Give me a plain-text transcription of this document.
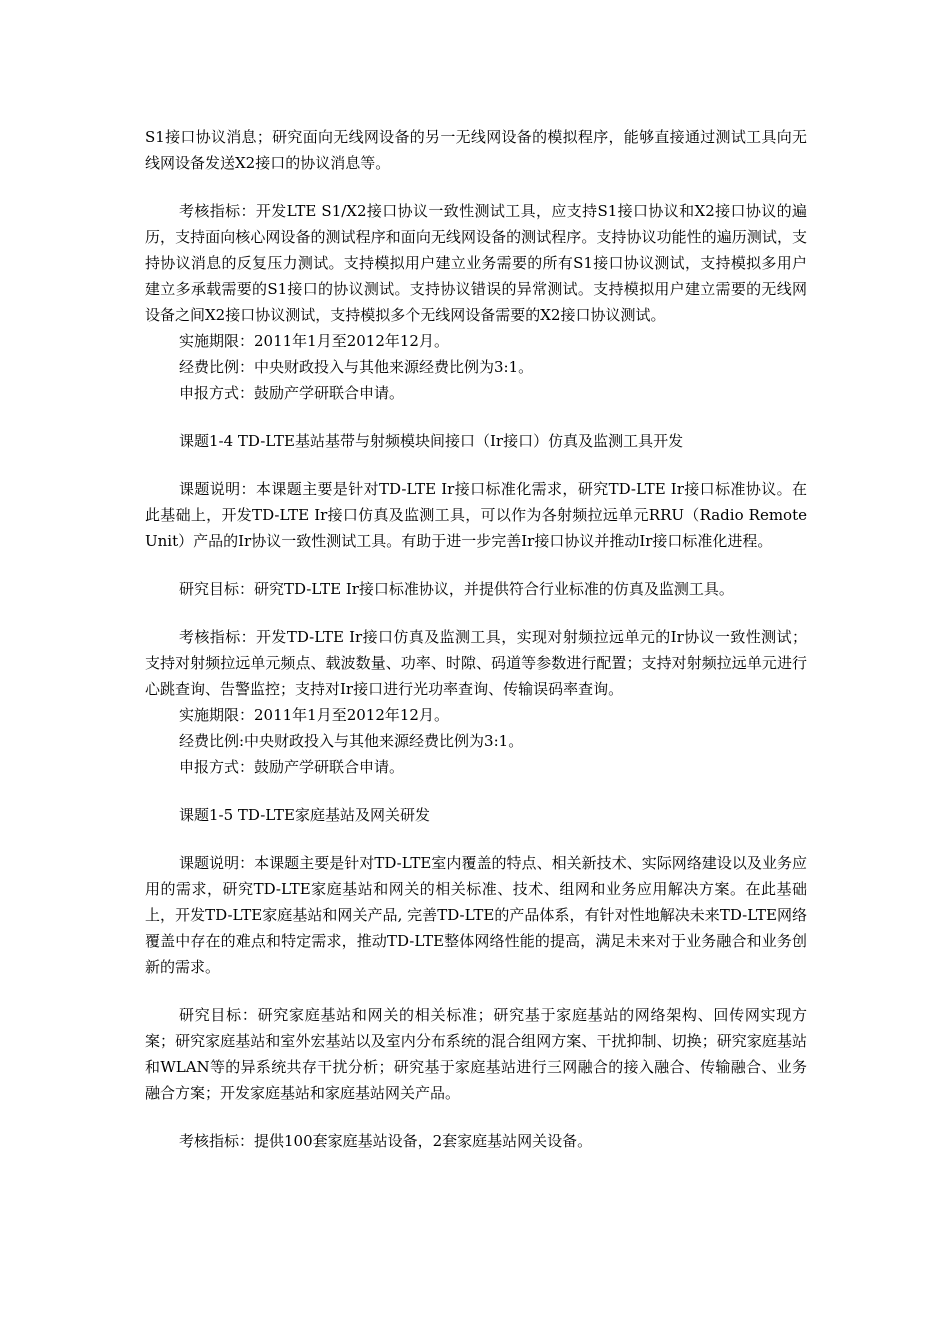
S1接口协议消息；研究面向无线网设备的另一无线网设备的模拟程序，能够直接通过测试工具向无线网设备发送X2接口的协议消息等。

考核指标：开发LTE S1/X2接口协议一致性测试工具，应支持S1接口协议和X2接口协议的遍历，支持面向核心网设备的测试程序和面向无线网设备的测试程序。支持协议功能性的遍历测试，支持协议消息的反复压力测试。支持模拟用户建立业务需要的所有S1接口协议测试，支持模拟多用户建立多承载需要的S1接口的协议测试。支持协议错误的异常测试。支持模拟用户建立需要的无线网设备之间X2接口协议测试，支持模拟多个无线网设备需要的X2接口协议测试。

实施期限：2011年1月至2012年12月。

经费比例：中央财政投入与其他来源经费比例为3:1。

申报方式：鼓励产学研联合申请。

课题1-4 TD-LTE基站基带与射频模块间接口（Ir接口）仿真及监测工具开发

课题说明：本课题主要是针对TD-LTE Ir接口标准化需求，研究TD-LTE Ir接口标准协议。在此基础上，开发TD-LTE Ir接口仿真及监测工具，可以作为各射频拉远单元RRU（Radio Remote Unit）产品的Ir协议一致性测试工具。有助于进一步完善Ir接口协议并推动Ir接口标准化进程。

研究目标：研究TD-LTE Ir接口标准协议，并提供符合行业标准的仿真及监测工具。

考核指标：开发TD-LTE Ir接口仿真及监测工具，实现对射频拉远单元的Ir协议一致性测试；支持对射频拉远单元频点、载波数量、功率、时隙、码道等参数进行配置；支持对射频拉远单元进行心跳查询、告警监控；支持对Ir接口进行光功率查询、传输误码率查询。

实施期限：2011年1月至2012年12月。

经费比例:中央财政投入与其他来源经费比例为3:1。

申报方式：鼓励产学研联合申请。

课题1-5 TD-LTE家庭基站及网关研发

课题说明：本课题主要是针对TD-LTE室内覆盖的特点、相关新技术、实际网络建设以及业务应用的需求，研究TD-LTE家庭基站和网关的相关标准、技术、组网和业务应用解决方案。在此基础上，开发TD-LTE家庭基站和网关产品, 完善TD-LTE的产品体系，有针对性地解决未来TD-LTE网络覆盖中存在的难点和特定需求，推动TD-LTE整体网络性能的提高，满足未来对于业务融合和业务创新的需求。

研究目标：研究家庭基站和网关的相关标准；研究基于家庭基站的网络架构、回传网实现方案；研究家庭基站和室外宏基站以及室内分布系统的混合组网方案、干扰抑制、切换；研究家庭基站和WLAN等的异系统共存干扰分析；研究基于家庭基站进行三网融合的接入融合、传输融合、业务融合方案；开发家庭基站和家庭基站网关产品。

考核指标：提供100套家庭基站设备，2套家庭基站网关设备。
